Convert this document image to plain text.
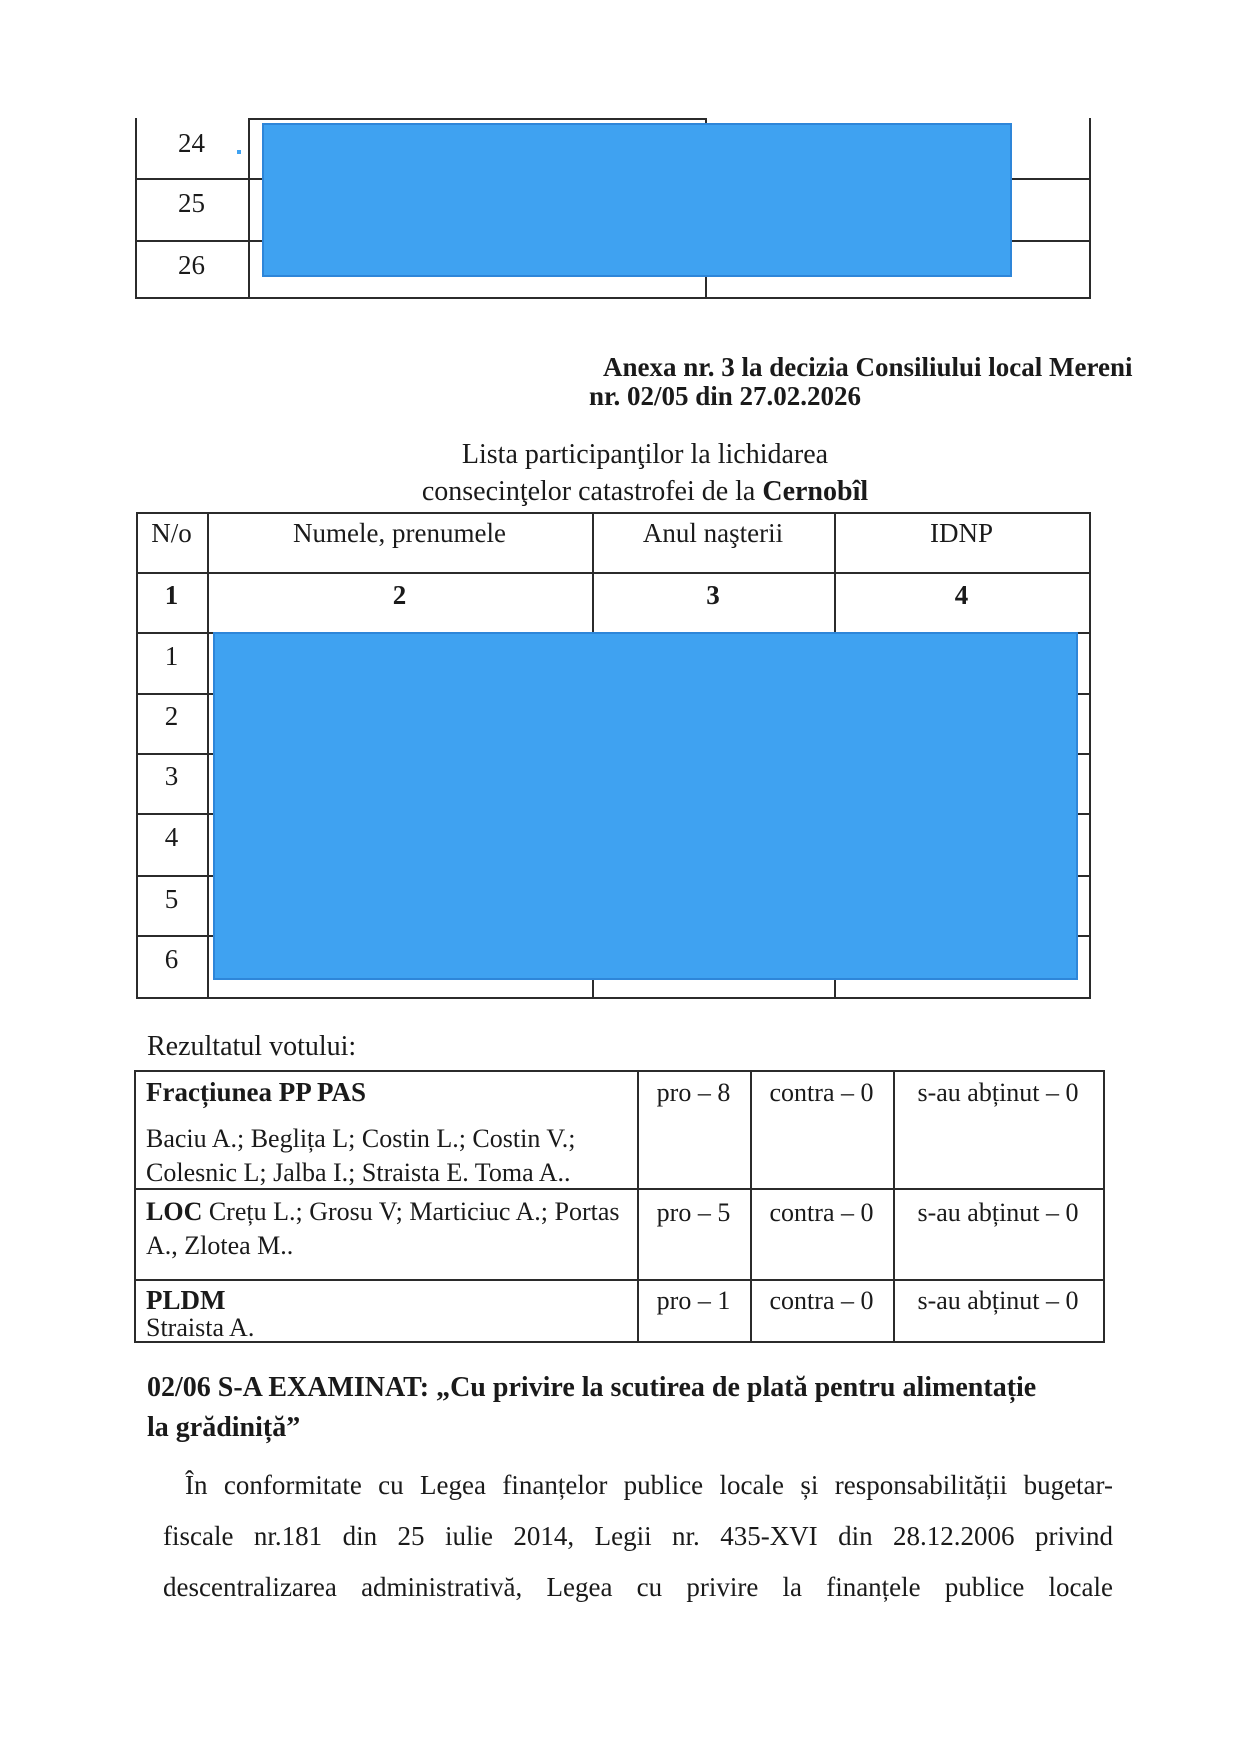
24
25
26
Anexa nr. 3 la decizia Consiliului local Mereni
nr. 02/05 din 27.02.2026
Lista participanţilor la lichidarea
consecinţelor catastrofei de la Cernobîl
N/o	Numele, prenumele	Anul naşterii	IDNP
1	2	3	4
1
2
3
4
5
6
Rezultatul votului:
Fracțiunea PP PAS
Baciu A.; Beglița L; Costin L.; Costin V.;
Colesnic L; Jalba I.; Straista E. Toma A..
pro – 8	contra – 0	s-au abținut – 0
LOC Crețu L.; Grosu V; Marticiuc A.; Portas
A., Zlotea M..
pro – 5	contra – 0	s-au abținut – 0
PLDM
Straista A.
pro – 1	contra – 0	s-au abținut – 0
02/06 S-A EXAMINAT: „Cu privire la scutirea de plată pentru alimentație
la grădiniță”
În conformitate cu Legea finanțelor publice locale și responsabilității bugetar-
fiscale nr.181 din 25 iulie 2014, Legii nr. 435-XVI din 28.12.2006 privind
descentralizarea administrativă, Legea cu privire la finanțele publice locale
